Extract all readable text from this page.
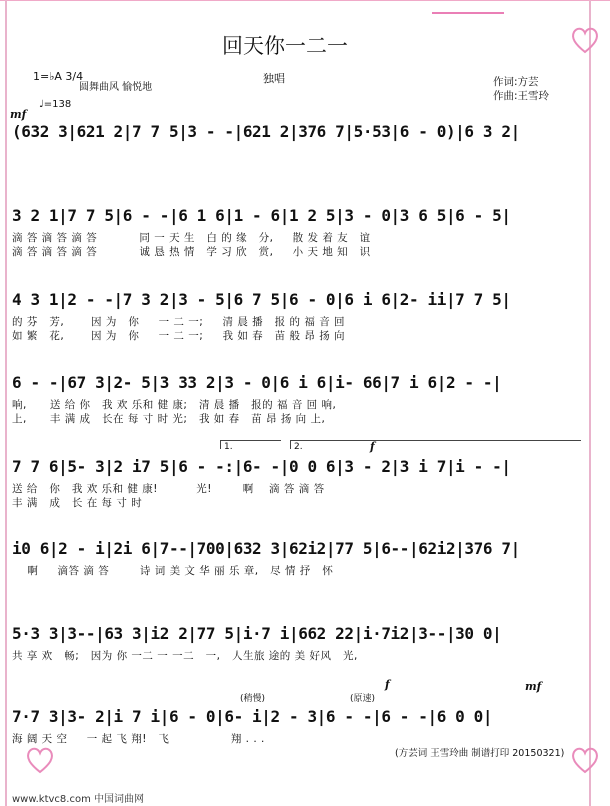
回天你一二一
独唱	作词:方芸
作曲:王雪玲
1=♭A 3/4
圆舞曲风 愉悦地
♩=138
mf
(632 3|621 2|7 7 5|3 - -|621 2|376 7|5·53|6 - 0)|6 3 2|
3 2 1|7 7 5|6 - -|6 1 6|1 - 6|1 2 5|3 - 0|3 6 5|6 - 5|
滴 答 滴 答 滴 答           同 一 天 生   白 的 缘   分,     散 发 着 友   谊
滴 答 滴 答 滴 答           诚 恳 热 情   学 习 欣   赏,     小 天 地 知   识
4 3 1|2 - -|7 3 2|3 - 5|6 7 5|6 - 0|6 i 6|2- ii|7 7 5|
的 芬   芳,       因 为   你     一 二 一;     清 晨 播   报 的 福 音 回
如 繁   花,       因 为   你     一 二 一;     我 如 春   苗 般 昂 扬 向
6 - -|67 3|2- 5|3 33 2|3 - 0|6 i 6|i- 66|7 i 6|2 - -|
响,      送 给 你   我 欢 乐和 健 康;   清 晨 播   报的 福 音 回 响,
上,      丰 满 成   长在 每 寸 时 光;   我 如 春   苗 昂 扬 向 上,
1.	2.	f
7 7 6|5- 3|2 i7 5|6 - -:|6- -|0 0 6|3 - 2|3 i 7|i - -|
送 给   你   我 欢 乐和 健 康!          光!        啊    滴 答 滴 答
丰 满   成   长 在 每 寸 时
i0 6|2 - i|2i 6|7--|700|632 3|62i2|77 5|6--|62i2|376 7|
啊     滴答 滴 答        诗 词 美 文 华 丽 乐 章,   尽 情 抒   怀
5·3 3|3--|63 3|i2 2|77 5|i·7 i|662 22|i·7i2|3--|30 0|
共 享 欢   畅;   因为 你 一二 一 一二   一,   人生旅 途的 美 好风   光,
(稍慢)	(原速)
f	mf
7·7 3|3- 2|i 7 i|6 - 0|6- i|2 - 3|6 - -|6 - -|6 0 0|
海 阔 天 空     一 起 飞 翔!   飞                翔 . . .
(方芸词 王雪玲曲 制谱打印 20150321)
www.ktvc8.com 中国词曲网
